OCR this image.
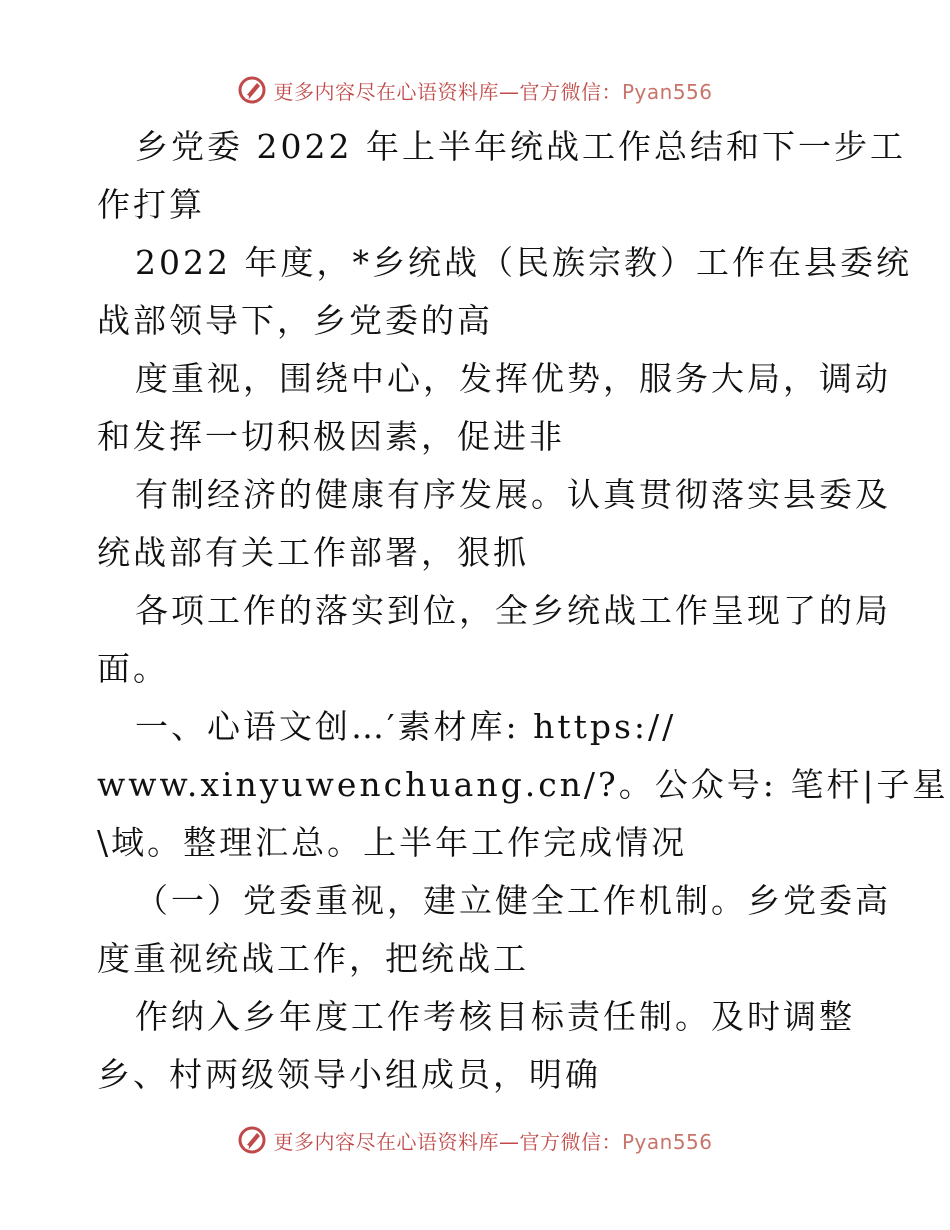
更多内容尽在心语资料库—官方微信：Pyan556
乡党委 2022 年上半年统战工作总结和下一步工
作打算
2022 年度，*乡统战（民族宗教）工作在县委统
战部领导下，乡党委的高
度重视，围绕中心，发挥优势，服务大局，调动
和发挥一切积极因素，促进非
有制经济的健康有序发展。认真贯彻落实县委及
统战部有关工作部署，狠抓
各项工作的落实到位，全乡统战工作呈现了的局
面。
一、心语文创…′素材库: https://
www.xinyuwenchuang.cn/?。公众号: 笔杆|子星
\域。整理汇总。上半年工作完成情况
（一）党委重视，建立健全工作机制。乡党委高
度重视统战工作，把统战工
作纳入乡年度工作考核目标责任制。及时调整
乡、村两级领导小组成员，明确
更多内容尽在心语资料库—官方微信：Pyan556
